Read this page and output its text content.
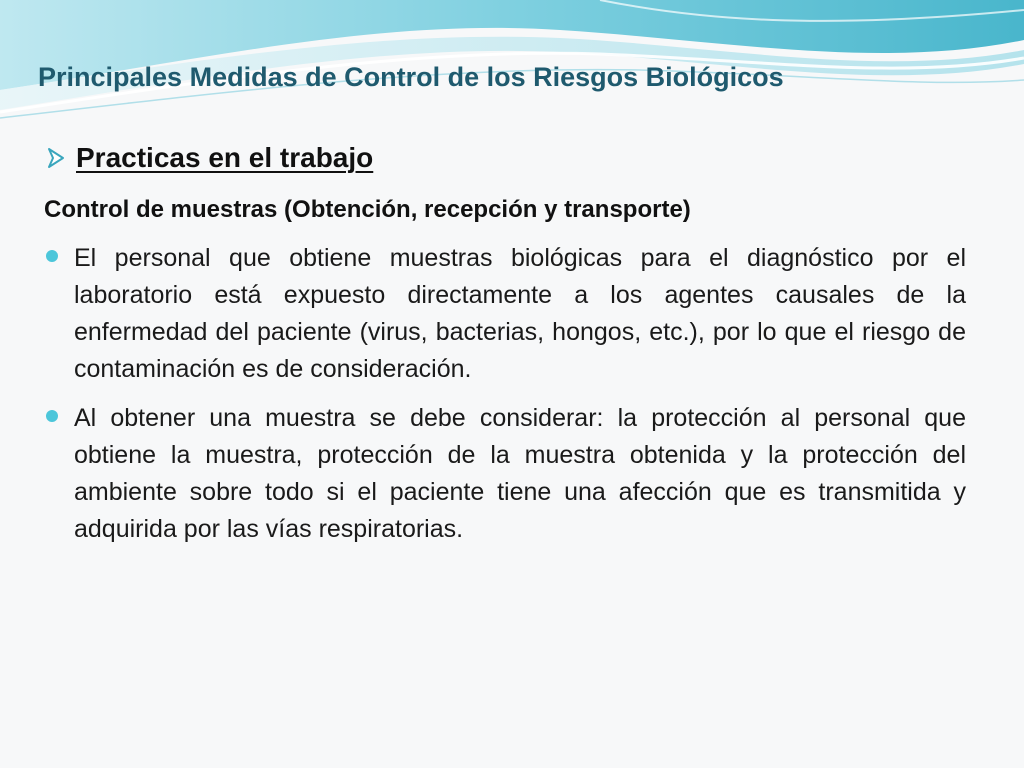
Principales Medidas de Control de los Riesgos Biológicos
Practicas en el trabajo
Control de muestras (Obtención, recepción y transporte)
El personal que obtiene muestras biológicas para el diagnóstico por el laboratorio está expuesto directamente a los agentes causales de la enfermedad del paciente (virus, bacterias, hongos, etc.), por lo que el riesgo de contaminación es de consideración.
Al obtener una muestra se debe considerar: la protección al personal que obtiene la muestra, protección de la muestra obtenida y la protección del ambiente sobre todo si el paciente tiene una afección que es transmitida y adquirida por las vías respiratorias.
